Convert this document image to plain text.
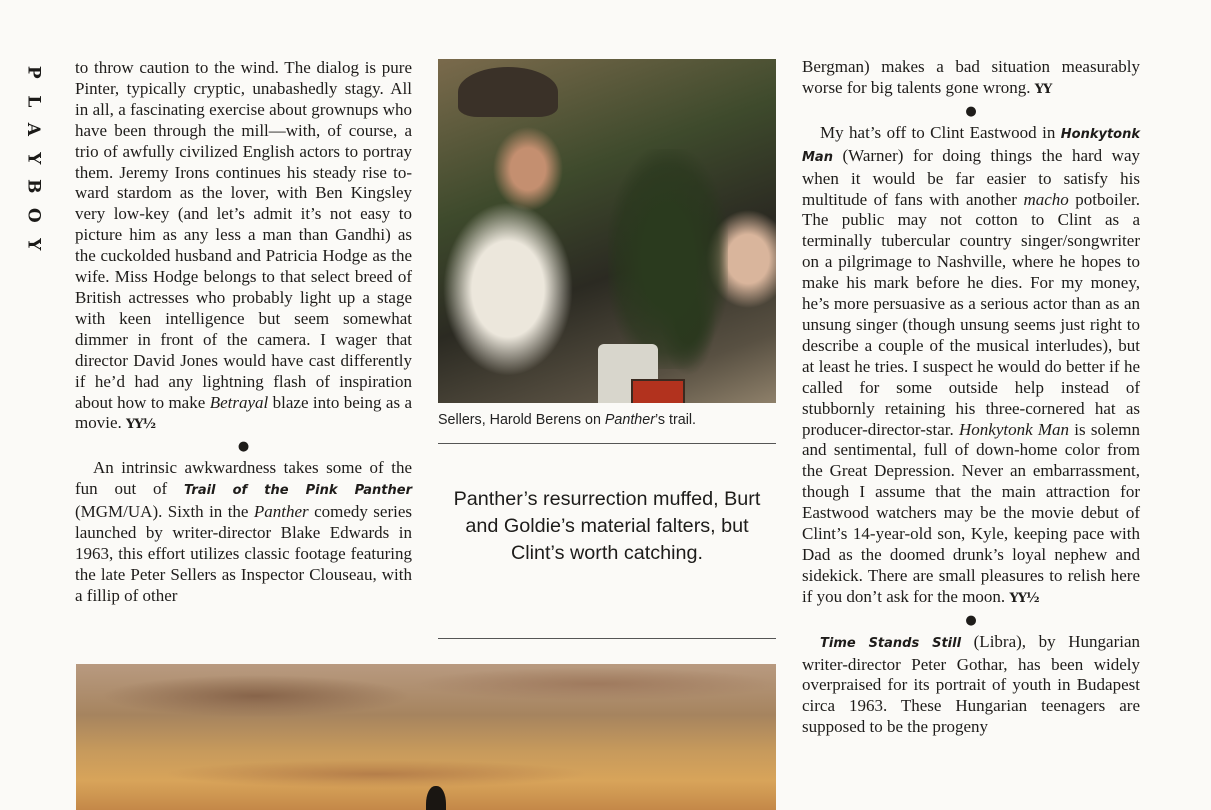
P
L
A
Y
B
O
Y

to throw caution to the wind. The dialog is pure Pinter, typically cryptic, unabashedly stagy. All in all, a fascinating exercise about grownups who have been through the mill—with, of course, a trio of awfully civilized English actors to portray them. Jeremy Irons continues his steady rise toward stardom as the lover, with Ben Kingsley very low-key (and let’s admit it’s not easy to picture him as any less a man than Gandhi) as the cuckolded husband and Patricia Hodge as the wife. Miss Hodge belongs to that select breed of British actresses who probably light up a stage with keen intelligence but seem somewhat dimmer in front of the camera. I wager that director David Jones would have cast differently if he’d had any lightning flash of inspiration about how to make Betrayal blaze into being as a movie. YY½

●

An intrinsic awkwardness takes some of the fun out of Trail of the Pink Panther (MGM/UA). Sixth in the Panther comedy series launched by writer-director Blake Edwards in 1963, this effort utilizes classic footage featuring the late Peter Sellers as Inspector Clouseau, with a fillip of other

Sellers, Harold Berens on Panther’s trail.
Panther’s resurrection muffed, Burt and Goldie’s material falters, but Clint’s worth catching.

Bergman) makes a bad situation measurably worse for big talents gone wrong. YY

●

My hat’s off to Clint Eastwood in Honkytonk Man (Warner) for doing things the hard way when it would be far easier to satisfy his multitude of fans with another macho potboiler. The public may not cotton to Clint as a terminally tubercular country singer/songwriter on a pilgrimage to Nashville, where he hopes to make his mark before he dies. For my money, he’s more persuasive as a serious actor than as an unsung singer (though unsung seems just right to describe a couple of the musical interludes), but at least he tries. I suspect he would do better if he called for some outside help instead of stubbornly retaining his three-cornered hat as producer-director-star. Honkytonk Man is solemn and sentimental, full of down-home color from the Great Depression. Never an embarrassment, though I assume that the main attraction for Eastwood watchers may be the movie debut of Clint’s 14-year-old son, Kyle, keeping pace with Dad as the doomed drunk’s loyal nephew and sidekick. There are small pleasures to relish here if you don’t ask for the moon. YY½

●

Time Stands Still (Libra), by Hungarian writer-director Peter Gothar, has been widely overpraised for its portrait of youth in Budapest circa 1963. These Hungarian teenagers are supposed to be the progeny
